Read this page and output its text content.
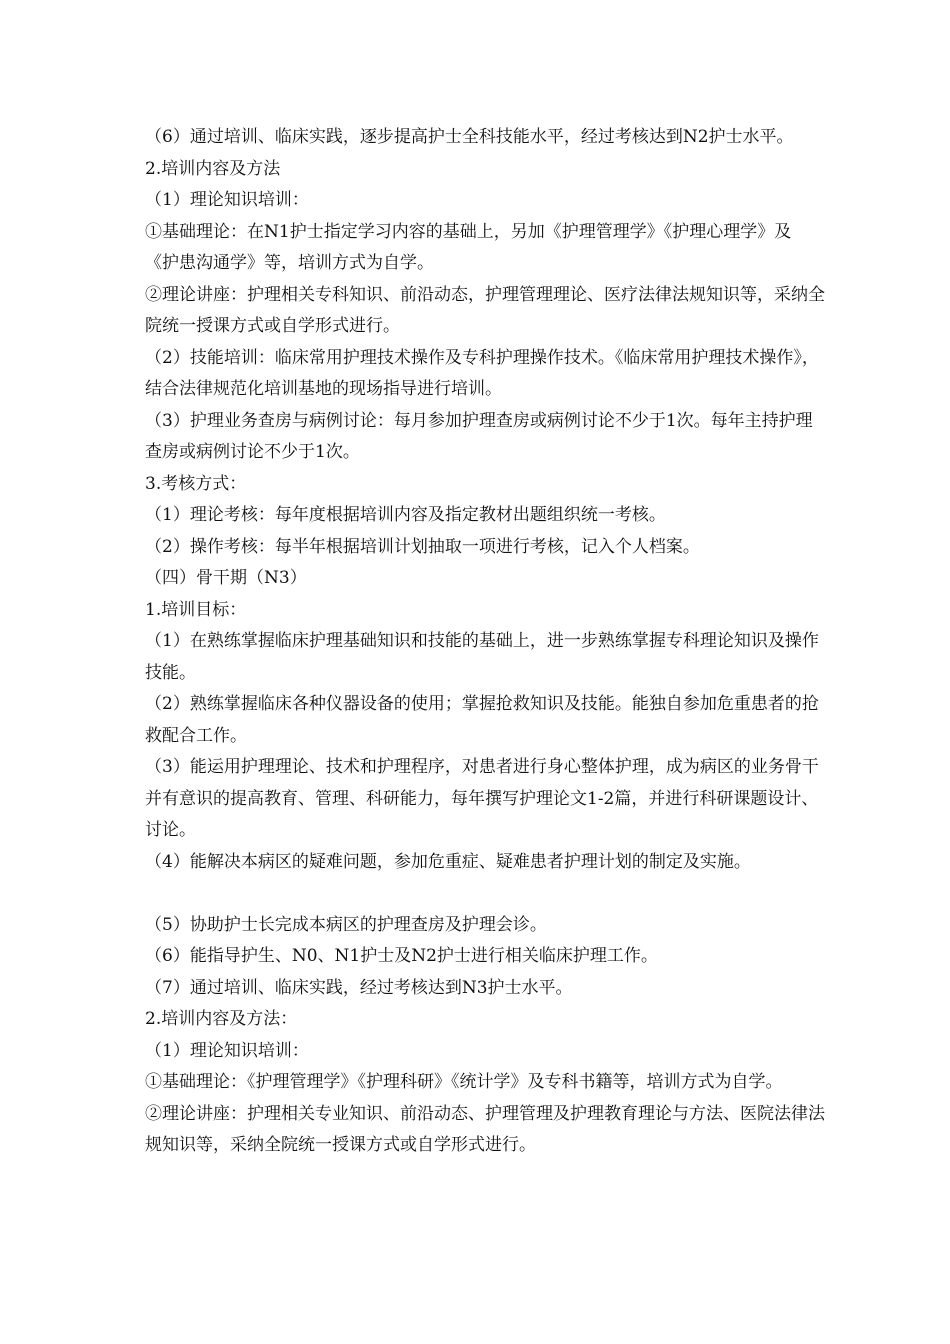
（6）通过培训、临床实践，逐步提高护士全科技能水平，经过考核达到N2护士水平。

2.培训内容及方法

（1）理论知识培训：

①基础理论：在N1护士指定学习内容的基础上，另加《护理管理学》《护理心理学》及《护患沟通学》等，培训方式为自学。

②理论讲座：护理相关专科知识、前沿动态，护理管理理论、医疗法律法规知识等，采纳全院统一授课方式或自学形式进行。

（2）技能培训：临床常用护理技术操作及专科护理操作技术。《临床常用护理技术操作》，结合法律规范化培训基地的现场指导进行培训。

（3）护理业务查房与病例讨论：每月参加护理查房或病例讨论不少于1次。每年主持护理查房或病例讨论不少于1次。

3.考核方式：

（1）理论考核：每年度根据培训内容及指定教材出题组织统一考核。

（2）操作考核：每半年根据培训计划抽取一项进行考核，记入个人档案。

（四）骨干期（N3）

1.培训目标：

（1）在熟练掌握临床护理基础知识和技能的基础上，进一步熟练掌握专科理论知识及操作技能。

（2）熟练掌握临床各种仪器设备的使用；掌握抢救知识及技能。能独自参加危重患者的抢救配合工作。

（3）能运用护理理论、技术和护理程序，对患者进行身心整体护理，成为病区的业务骨干并有意识的提高教育、管理、科研能力，每年撰写护理论文1-2篇，并进行科研课题设计、讨论。

（4）能解决本病区的疑难问题，参加危重症、疑难患者护理计划的制定及实施。

（5）协助护士长完成本病区的护理查房及护理会诊。

（6）能指导护生、N0、N1护士及N2护士进行相关临床护理工作。

（7）通过培训、临床实践，经过考核达到N3护士水平。

2.培训内容及方法：

（1）理论知识培训：

①基础理论：《护理管理学》《护理科研》《统计学》及专科书籍等，培训方式为自学。

②理论讲座：护理相关专业知识、前沿动态、护理管理及护理教育理论与方法、医院法律法规知识等，采纳全院统一授课方式或自学形式进行。
